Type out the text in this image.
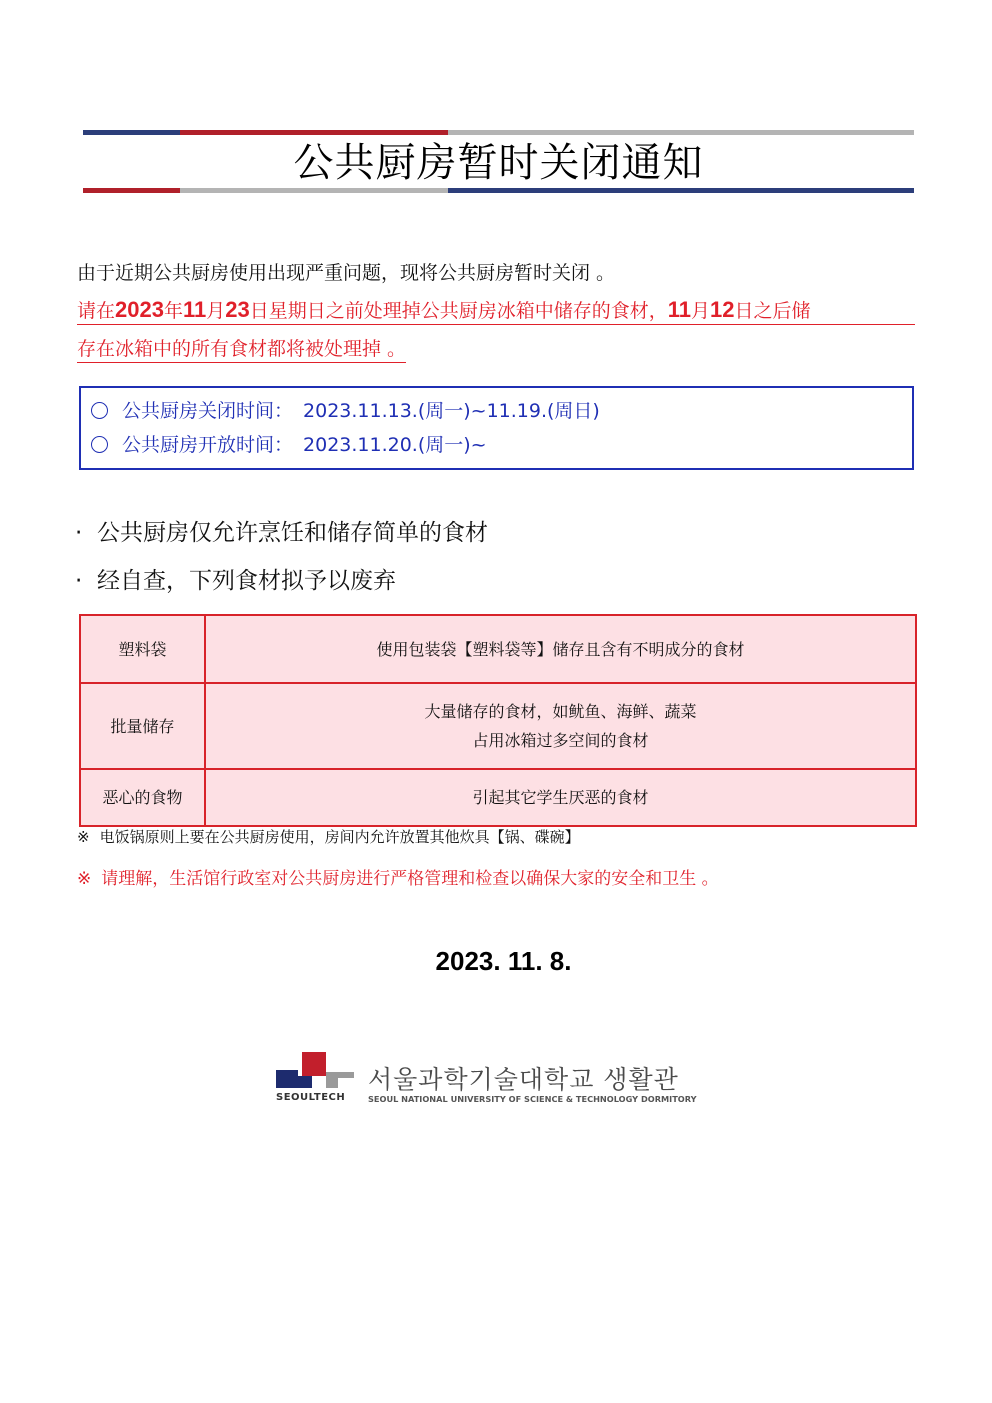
公共厨房暂时关闭通知
由于近期公共厨房使用出现严重问题，现将公共厨房暂时关闭 。
请在2023年11月23日星期日之前处理掉公共厨房冰箱中储存的食材，11月12日之后储
存在冰箱中的所有食材都将被处理掉 。
公共厨房关闭时间： 2023.11.13.(周一)~11.19.(周日)
公共厨房开放时间： 2023.11.20.(周一)~
· 公共厨房仅允许烹饪和储存简单的食材
· 经自查，下列食材拟予以废弃
塑料袋	使用包装袋【塑料袋等】储存且含有不明成分的食材

批量储存	大量储存的食材，如鱿鱼、海鲜、蔬菜
占用冰箱过多空间的食材

恶心的食物	引起其它学生厌恶的食材
※ 电饭锅原则上要在公共厨房使用，房间内允许放置其他炊具【锅、碟碗】
※ 请理解，生活馆行政室对公共厨房进行严格管理和检查以确保大家的安全和卫生 。
2023. 11. 8.
서울과학기술대학교 생활관
SEOULTECH	SEOUL NATIONAL UNIVERSITY OF SCIENCE & TECHNOLOGY DORMITORY
